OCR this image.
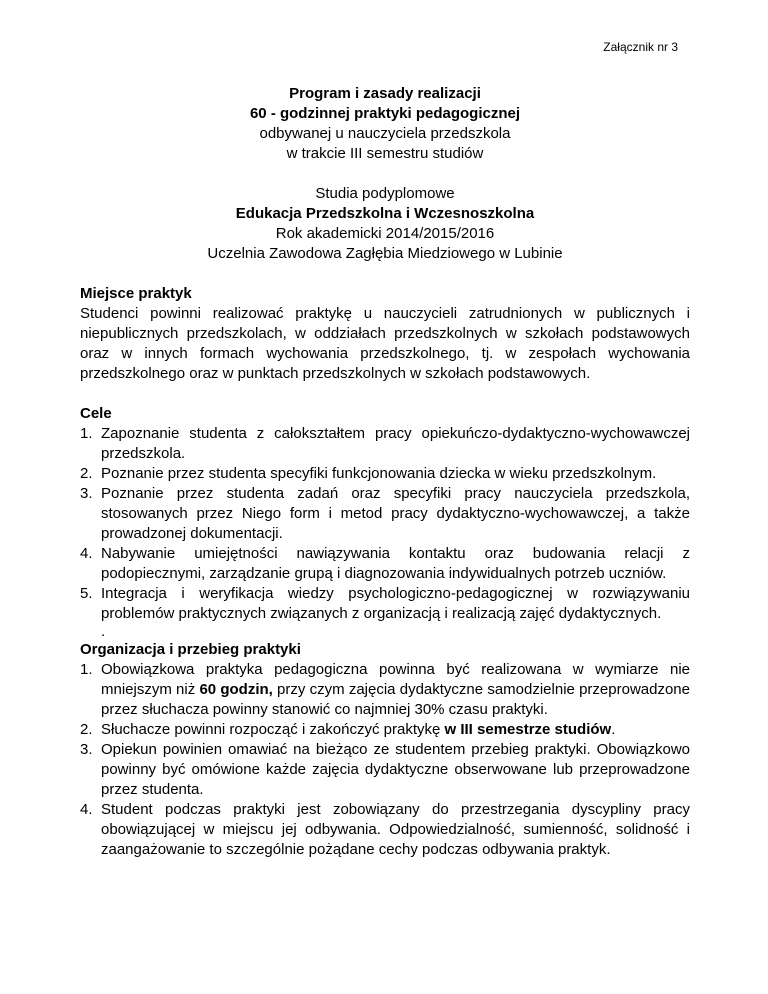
Załącznik nr 3
Program i zasady realizacji
60 - godzinnej praktyki pedagogicznej
odbywanej u nauczyciela przedszkola
w trakcie III semestru studiów
Studia podyplomowe
Edukacja Przedszkolna i Wczesnoszkolna
Rok akademicki 2014/2015/2016
Uczelnia Zawodowa Zagłębia Miedziowego w Lubinie
Miejsce praktyk

Studenci powinni realizować praktykę u nauczycieli zatrudnionych w publicznych i niepublicznych przedszkolach, w oddziałach przedszkolnych w szkołach podstawowych oraz w innych formach wychowania przedszkolnego, tj. w zespołach wychowania przedszkolnego oraz w punktach przedszkolnych w szkołach podstawowych.

Cele
1. Zapoznanie studenta z całokształtem pracy opiekuńczo-dydaktyczno-wychowawczej przedszkola.
2. Poznanie przez studenta specyfiki funkcjonowania dziecka w wieku przedszkolnym.
3. Poznanie przez studenta zadań oraz specyfiki pracy nauczyciela przedszkola, stosowanych przez Niego form i metod pracy dydaktyczno-wychowawczej, a także prowadzonej dokumentacji.
4. Nabywanie umiejętności nawiązywania kontaktu oraz budowania relacji z podopiecznymi, zarządzanie grupą i diagnozowania indywidualnych potrzeb uczniów.
5. Integracja i weryfikacja wiedzy psychologiczno-pedagogicznej w rozwiązywaniu problemów praktycznych związanych z organizacją i realizacją zajęć dydaktycznych.
.
Organizacja i przebieg praktyki
1. Obowiązkowa praktyka pedagogiczna powinna być realizowana w wymiarze nie mniejszym niż 60 godzin, przy czym zajęcia dydaktyczne samodzielnie przeprowadzone przez słuchacza powinny stanowić co najmniej 30% czasu praktyki.
2. Słuchacze powinni rozpocząć i zakończyć praktykę w III semestrze studiów.
3. Opiekun powinien omawiać na bieżąco ze studentem przebieg praktyki. Obowiązkowo powinny być omówione każde zajęcia dydaktyczne obserwowane lub przeprowadzone przez studenta.
4. Student podczas praktyki jest zobowiązany do przestrzegania dyscypliny pracy obowiązującej w miejscu jej odbywania. Odpowiedzialność, sumienność, solidność i zaangażowanie to szczególnie pożądane cechy podczas odbywania praktyk.
